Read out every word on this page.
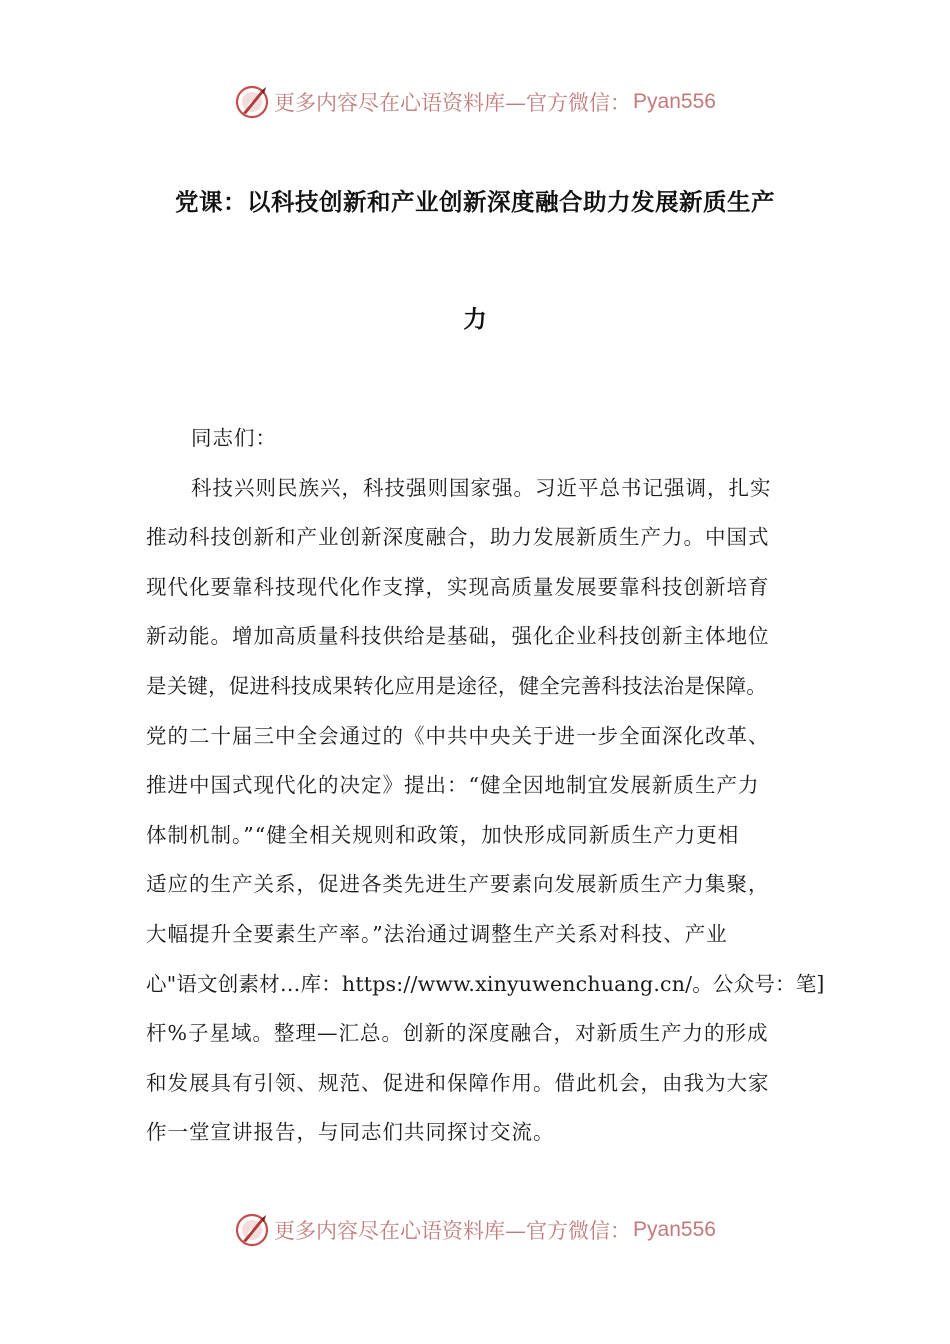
更多内容尽在心语资料库—官方微信： Pyan556
党课：以科技创新和产业创新深度融合助力发展新质生产
力
同志们：
科技兴则民族兴，科技强则国家强。习近平总书记强调，扎实
推动科技创新和产业创新深度融合，助力发展新质生产力。中国式
现代化要靠科技现代化作支撑，实现高质量发展要靠科技创新培育
新动能。增加高质量科技供给是基础，强化企业科技创新主体地位
是关键，促进科技成果转化应用是途径，健全完善科技法治是保障。
党的二十届三中全会通过的《中共中央关于进一步全面深化改革、
推进中国式现代化的决定》提出：“健全因地制宜发展新质生产力
体制机制。”“健全相关规则和政策，加快形成同新质生产力更相
适应的生产关系，促进各类先进生产要素向发展新质生产力集聚，
大幅提升全要素生产率。”法治通过调整生产关系对科技、产业
心"语文创素材…库：https://www.xinyuwenchuang.cn/。公众号：笔]
杆%子星域。整理—汇总。创新的深度融合，对新质生产力的形成
和发展具有引领、规范、促进和保障作用。借此机会，由我为大家
作一堂宣讲报告，与同志们共同探讨交流。
更多内容尽在心语资料库—官方微信： Pyan556
